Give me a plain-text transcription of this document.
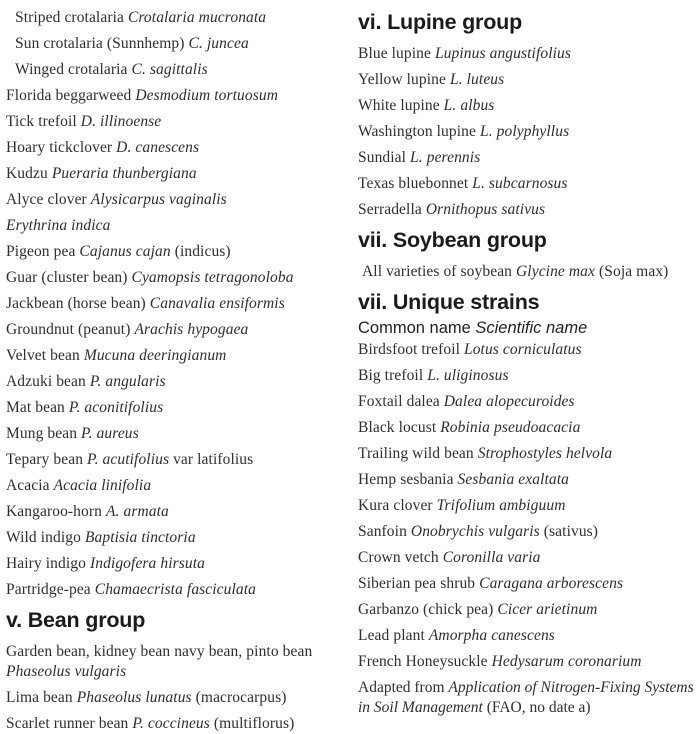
Striped crotalaria Crotalaria mucronata

Sun crotalaria (Sunnhemp) C. juncea

Winged crotalaria C. sagittalis

Florida beggarweed Desmodium tortuosum

Tick trefoil D. illinoense

Hoary tickclover D. canescens

Kudzu Pueraria thunbergiana

Alyce clover Alysicarpus vaginalis

Erythrina indica

Pigeon pea Cajanus cajan (indicus)

Guar (cluster bean) Cyamopsis tetragonoloba

Jackbean (horse bean) Canavalia ensiformis

Groundnut (peanut) Arachis hypogaea

Velvet bean Mucuna deeringianum

Adzuki bean P. angularis

Mat bean P. aconitifolius

Mung bean P. aureus

Tepary bean P. acutifolius var latifolius

Acacia Acacia linifolia

Kangaroo-horn A. armata

Wild indigo Baptisia tinctoria

Hairy indigo Indigofera hirsuta

Partridge-pea Chamaecrista fasciculata

v. Bean group

Garden bean, kidney bean navy bean, pinto bean Phaseolus vulgaris

Lima bean Phaseolus lunatus (macrocarpus)

Scarlet runner bean P. coccineus (multiflorus)

vi. Lupine group

Blue lupine Lupinus angustifolius

Yellow lupine L. luteus

White lupine L. albus

Washington lupine L. polyphyllus

Sundial L. perennis

Texas bluebonnet L. subcarnosus

Serradella Ornithopus sativus

vii. Soybean group

All varieties of soybean Glycine max (Soja max)

vii. Unique strains

Common name Scientific name

Birdsfoot trefoil Lotus corniculatus

Big trefoil L. uliginosus

Foxtail dalea Dalea alopecuroides

Black locust Robinia pseudoacacia

Trailing wild bean Strophostyles helvola

Hemp sesbania Sesbania exaltata

Kura clover Trifolium ambiguum

Sanfoin Onobrychis vulgaris (sativus)

Crown vetch Coronilla varia

Siberian pea shrub Caragana arborescens

Garbanzo (chick pea) Cicer arietinum

Lead plant Amorpha canescens

French Honeysuckle Hedysarum coronarium

Adapted from Application of Nitrogen-Fixing Systems in Soil Management (FAO, no date a)
